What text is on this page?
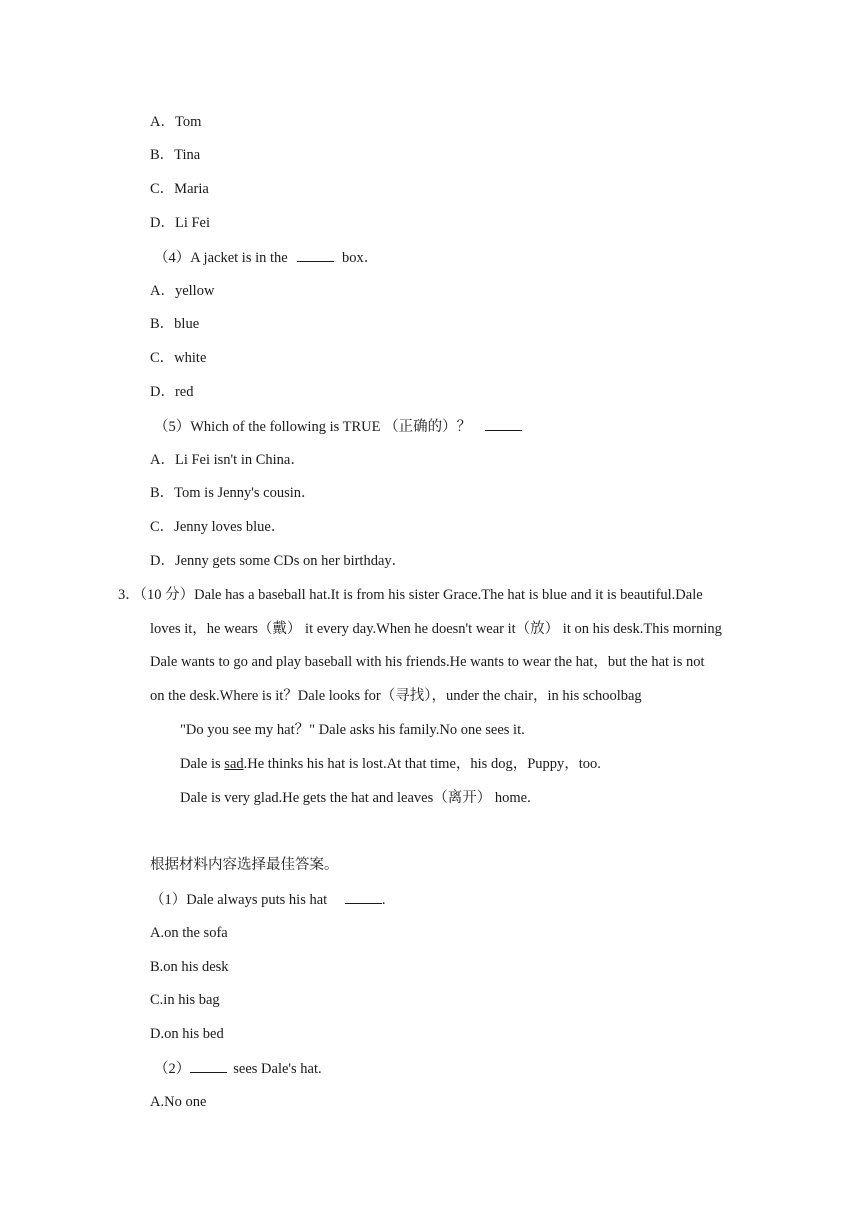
A．Tom
B．Tina
C．Maria
D．Li Fei
（4）A jacket is in the	box．
A．yellow
B．blue
C．white
D．red
（5）Which of the following is TRUE （正确的）？
A．Li Fei isn't in China．
B．Tom is Jenny's cousin．
C．Jenny loves blue．
D．Jenny gets some CDs on her birthday．
3．（10 分）Dale has a baseball hat.It is from his sister Grace.The hat is blue and it is beautiful.Dale
loves it，he wears（戴） it every day.When he doesn't wear it（放） it on his desk.This morning
Dale wants to go and play baseball with his friends.He wants to wear the hat，but the hat is not
on the desk.Where is it？Dale looks for（寻找），under the chair，in his schoolbag
"Do you see my hat？" Dale asks his family.No one sees it.
Dale is sad.He thinks his hat is lost.At that time，his dog，Puppy，too.
Dale is very glad.He gets the hat and leaves（离开） home.
根据材料内容选择最佳答案。
（1）Dale always puts his hat	.
A.on the sofa
B.on his desk
C.in his bag
D.on his bed
（2）	sees Dale's hat.
A.No one
